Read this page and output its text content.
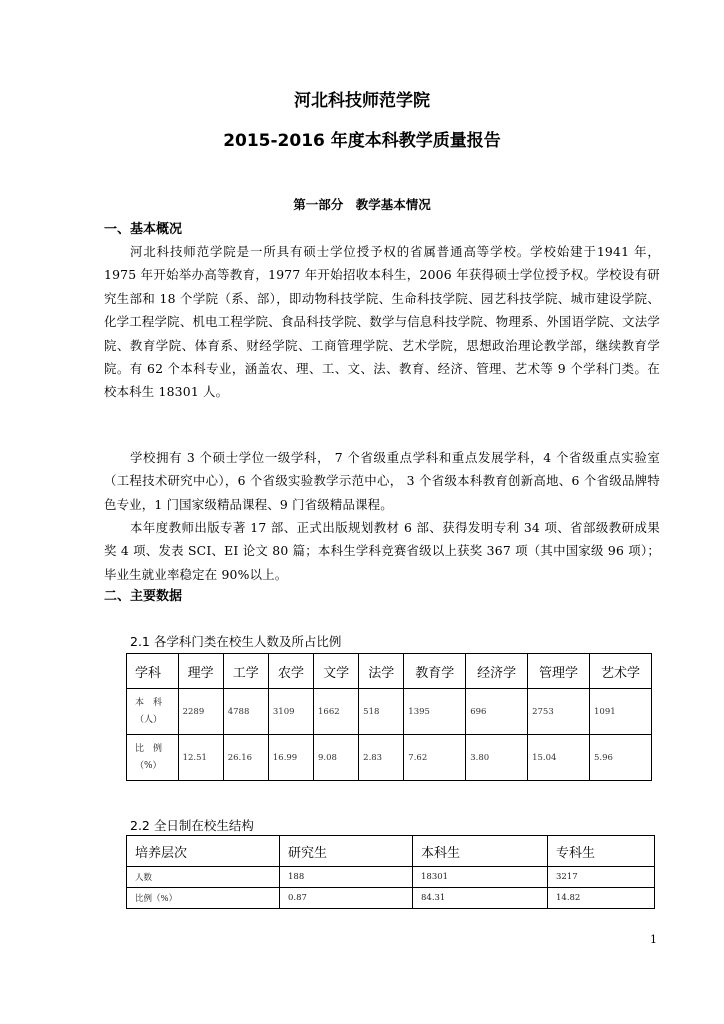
河北科技师范学院
2015-2016 年度本科教学质量报告
第一部分　教学基本情况
一、基本概况
河北科技师范学院是一所具有硕士学位授予权的省属普通高等学校。学校始建于1941 年，1975 年开始举办高等教育，1977 年开始招收本科生，2006 年获得硕士学位授予权。学校设有研究生部和 18 个学院（系、部），即动物科技学院、生命科技学院、园艺科技学院、城市建设学院、化学工程学院、机电工程学院、食品科技学院、数学与信息科技学院、物理系、外国语学院、文法学院、教育学院、体育系、财经学院、工商管理学院、艺术学院，思想政治理论教学部，继续教育学院。有 62 个本科专业，涵盖农、理、工、文、法、教育、经济、管理、艺术等 9 个学科门类。在校本科生 18301 人。
学校拥有 3 个硕士学位一级学科， 7 个省级重点学科和重点发展学科，4 个省级重点实验室（工程技术研究中心），6 个省级实验教学示范中心， 3 个省级本科教育创新高地、6 个省级品牌特色专业，1 门国家级精品课程、9 门省级精品课程。
本年度教师出版专著 17 部、正式出版规划教材 6 部、获得发明专利 34 项、省部级教研成果奖 4 项、发表 SCI、EI 论文 80 篇；本科生学科竞赛省级以上获奖 367 项（其中国家级 96 项）；毕业生就业率稳定在 90%以上。
二、主要数据
2.1 各学科门类在校生人数及所占比例
学科	理学	工学	农学	文学	法学	教育学	经济学	管理学	艺术学
本　科
（人）	2289	4788	3109	1662	518	1395	696	2753	1091
比　例
（%）	12.51	26.16	16.99	9.08	2.83	7.62	3.80	15.04	5.96
2.2 全日制在校生结构
培养层次	研究生	本科生	专科生
人数	188	18301	3217
比例（%）	0.87	84.31	14.82
1
